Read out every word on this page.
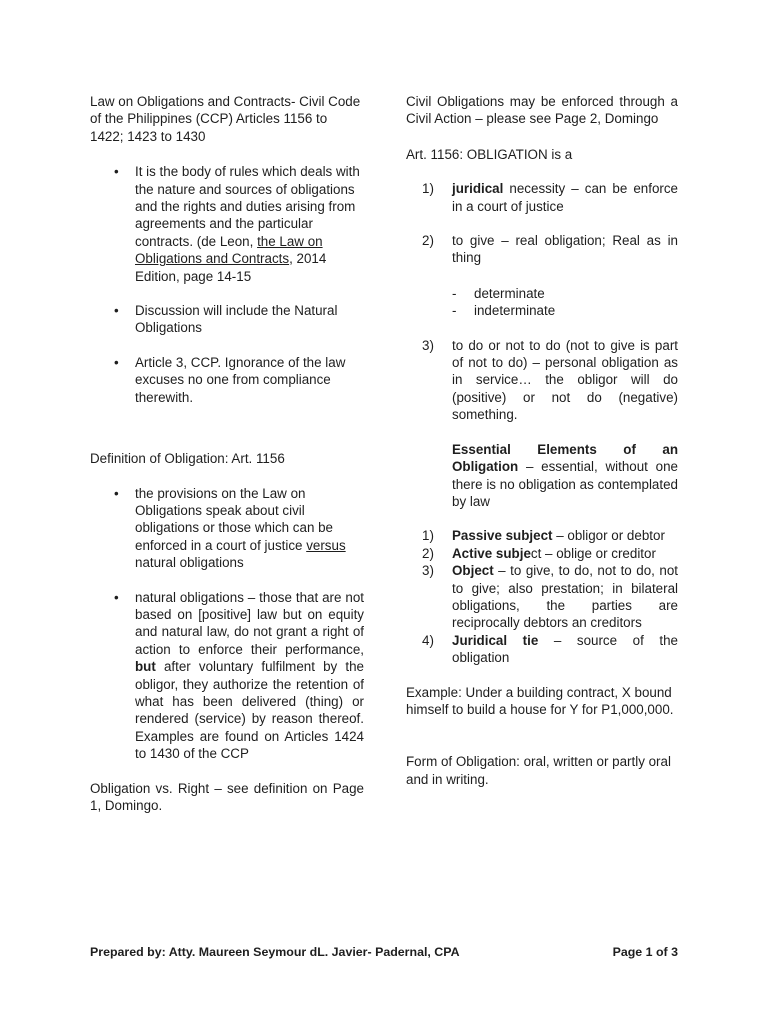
Law on Obligations and Contracts- Civil Code of the Philippines (CCP) Articles 1156 to 1422; 1423 to 1430

• It is the body of rules which deals with the nature and sources of obligations and the rights and duties arising from agreements and the particular contracts. (de Leon, the Law on Obligations and Contracts, 2014 Edition, page 14-15
• Discussion will include the Natural Obligations
• Article 3, CCP. Ignorance of the law excuses no one from compliance therewith.

Definition of Obligation: Art. 1156

• the provisions on the Law on Obligations speak about civil obligations or those which can be enforced in a court of justice versus natural obligations
• natural obligations – those that are not based on [positive] law but on equity and natural law, do not grant a right of action to enforce their performance, but after voluntary fulfilment by the obligor, they authorize the retention of what has been delivered (thing) or rendered (service) by reason thereof. Examples are found on Articles 1424 to 1430 of the CCP

Obligation vs. Right – see definition on Page 1, Domingo.

Civil Obligations may be enforced through a Civil Action – please see Page 2, Domingo

Art. 1156: OBLIGATION is a

1) juridical necessity – can be enforce in a court of justice
2) to give – real obligation; Real as in thing
- determinate
- indeterminate
3) to do or not to do (not to give is part of not to do) – personal obligation as in service… the obligor will do (positive) or not do (negative) something.

Essential Elements of an Obligation – essential, without one there is no obligation as contemplated by law

1) Passive subject – obligor or debtor
2) Active subject – oblige or creditor
3) Object – to give, to do, not to do, not to give; also prestation; in bilateral obligations, the parties are reciprocally debtors an creditors
4) Juridical tie – source of the obligation

Example: Under a building contract, X bound himself to build a house for Y for P1,000,000.

Form of Obligation: oral, written or partly oral and in writing.

Prepared by: Atty. Maureen Seymour dL. Javier- Padernal, CPA	Page 1 of 3
